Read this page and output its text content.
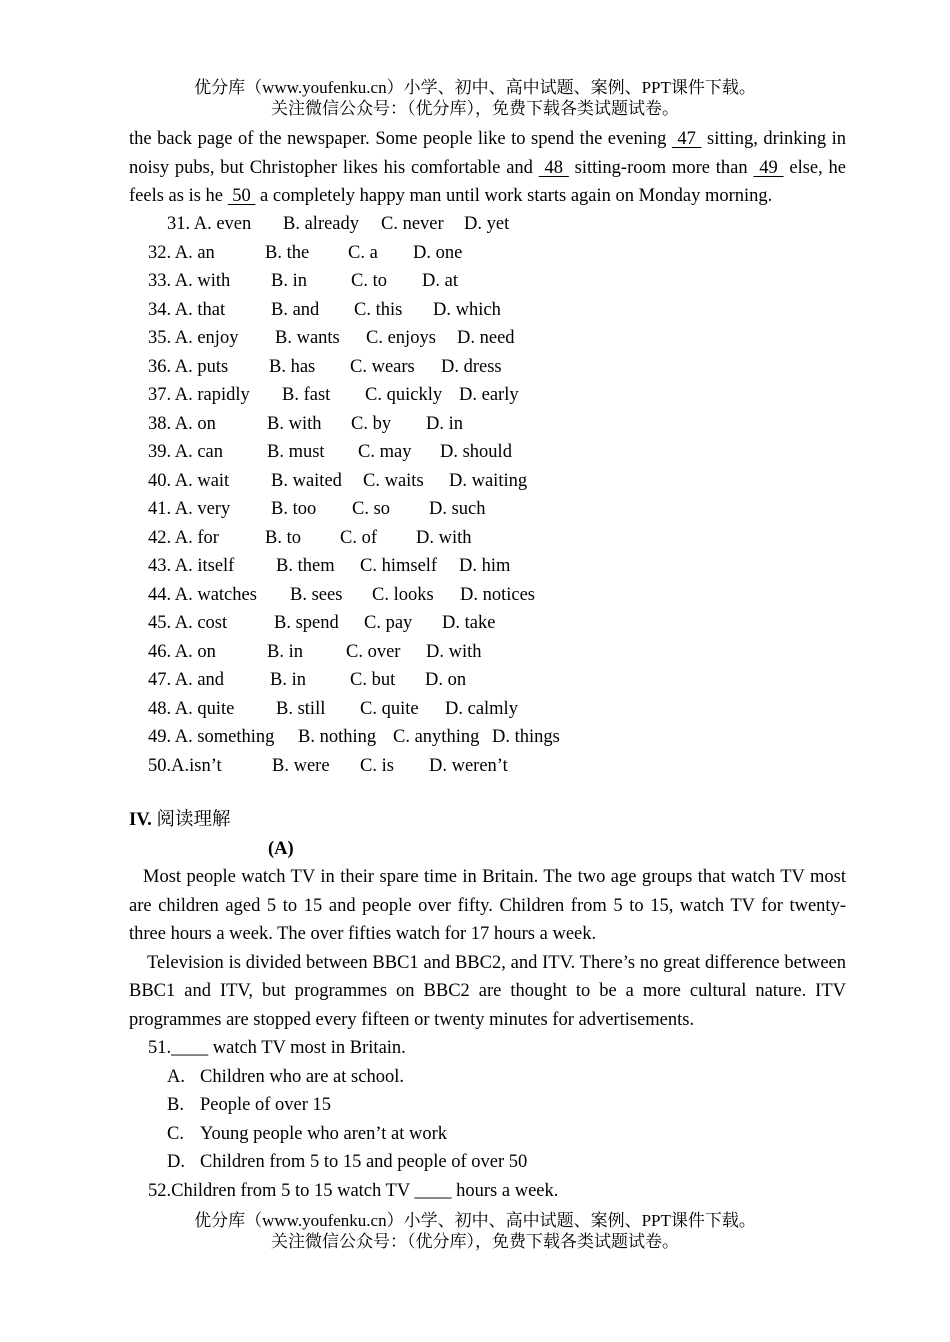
优分库（www.youfenku.cn）小学、初中、高中试题、案例、PPT课件下载。
关注微信公众号：（优分库），免费下载各类试题试卷。

the back page of the newspaper. Some people like to spend the evening  47  sitting, drinking in noisy pubs, but Christopher likes his comfortable and  48  sitting-room more than  49  else, he feels as is he  50  a completely happy man until work starts again on Monday morning.

31. A. even B. already C. never D. yet
32. A. an	B. the C. a D. one
33. A. with B. in C. to D. at
34. A. that B. and C. this D. which
35. A. enjoy B. wants C. enjoys D. need
36. A. puts B. has C. wears D. dress
37. A. rapidly B. fast C. quickly D. early
38. A. on	B. with C. by D. in
39. A. can B. must C. may D. should
40. A. wait B. waited C. waits D. waiting
41. A. very B. too C. so D. such
42. A. for B. to C. of D. with
43. A. itself B. them C. himself D. him
44. A. watches B. sees C. looks D. notices
45. A. cost	B. spend C. pay D. take
46. A. on	B. in C. over D. with
47. A. and B. in C. but D. on
48. A. quite B. still C. quite D. calmly
49. A. something B. nothing C. anything D. things
50.A.isn’t	B. were C. is D. weren’t
IV. 阅读理解
(A)

Most people watch TV in their spare time in Britain. The two age groups that watch TV most are children aged 5 to 15 and people over fifty. Children from 5 to 15, watch TV for twenty-three hours a week. The over fifties watch for 17 hours a week.

Television is divided between BBC1 and BBC2, and ITV. There’s no great difference between BBC1 and ITV, but programmes on BBC2 are thought to be a more cultural nature. ITV programmes are stopped every fifteen or twenty minutes for advertisements.

51.____ watch TV most in Britain.
A. Children who are at school.
B. People of over 15
C. Young people who aren’t at work
D. Children from 5 to 15 and people of over 50
52.Children from 5 to 15 watch TV ____ hours a week.
优分库（www.youfenku.cn）小学、初中、高中试题、案例、PPT课件下载。
关注微信公众号：（优分库），免费下载各类试题试卷。
